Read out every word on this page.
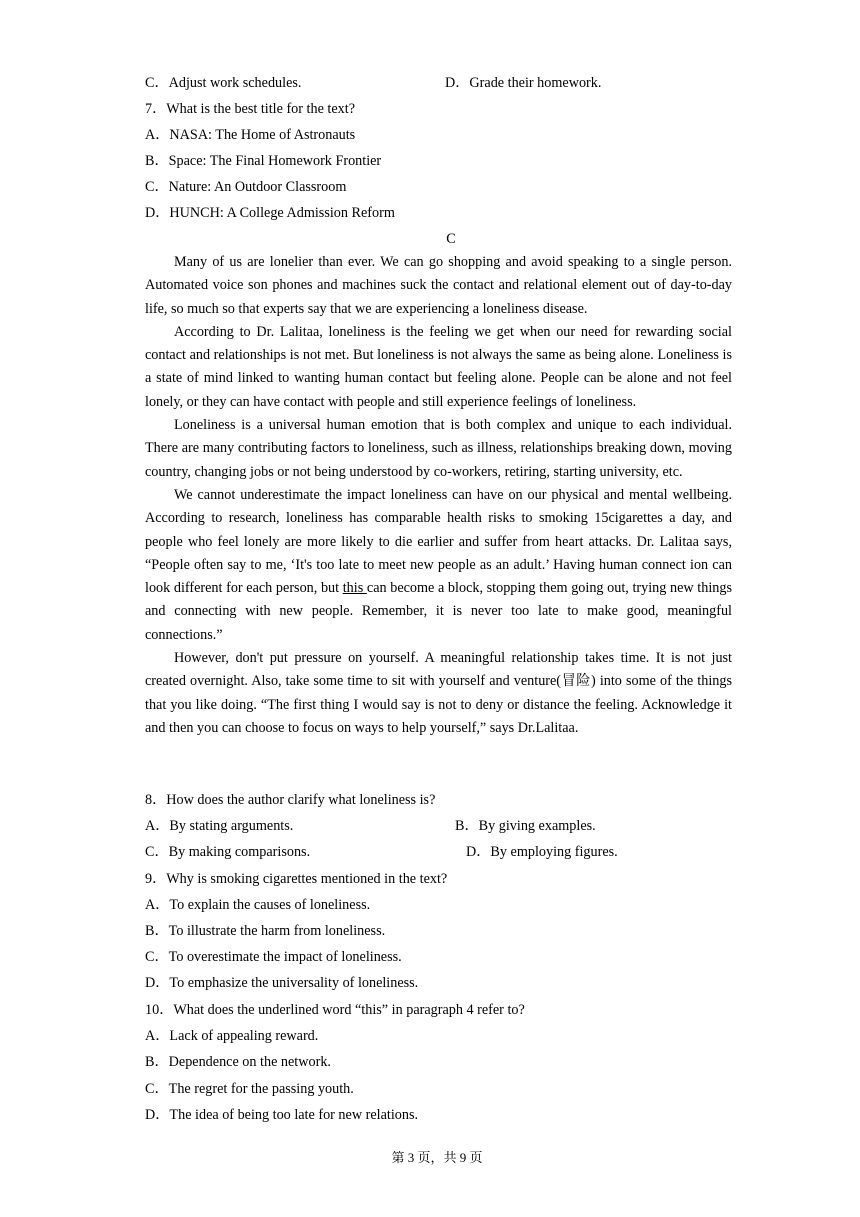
C．Adjust work schedules.	D．Grade their homework.
7．What is the best title for the text?
A．NASA: The Home of Astronauts
B．Space: The Final Homework Frontier
C．Nature: An Outdoor Classroom
D．HUNCH: A College Admission Reform
C

Many of us are lonelier than ever. We can go shopping and avoid speaking to a single person. Automated voice son phones and machines suck the contact and relational element out of day-to-day life, so much so that experts say that we are experiencing a loneliness disease.

According to Dr. Lalitaa, loneliness is the feeling we get when our need for rewarding social contact and relationships is not met. But loneliness is not always the same as being alone. Loneliness is a state of mind linked to wanting human contact but feeling alone. People can be alone and not feel lonely, or they can have contact with people and still experience feelings of loneliness.

Loneliness is a universal human emotion that is both complex and unique to each individual. There are many contributing factors to loneliness, such as illness, relationships breaking down, moving country, changing jobs or not being understood by co-workers, retiring, starting university, etc.

We cannot underestimate the impact loneliness can have on our physical and mental wellbeing. According to research, loneliness has comparable health risks to smoking 15cigarettes a day, and people who feel lonely are more likely to die earlier and suffer from heart attacks. Dr. Lalitaa says, “People often say to me, ‘It's too late to meet new people as an adult.’ Having human connect ion can look different for each person, but this can become a block, stopping them going out, trying new things and connecting with new people. Remember, it is never too late to make good, meaningful connections.”

However, don't put pressure on yourself. A meaningful relationship takes time. It is not just created overnight. Also, take some time to sit with yourself and venture(冒险) into some of the things that you like doing. “The first thing I would say is not to deny or distance the feeling. Acknowledge it and then you can choose to focus on ways to help yourself,” says Dr.Lalitaa.

8．How does the author clarify what loneliness is?
A．By stating arguments.	B．By giving examples.
C．By making comparisons.	D．By employing figures.
9．Why is smoking cigarettes mentioned in the text?
A．To explain the causes of loneliness.
B．To illustrate the harm from loneliness.
C．To overestimate the impact of loneliness.
D．To emphasize the universality of loneliness.
10．What does the underlined word “this” in paragraph 4 refer to?
A．Lack of appealing reward.
B．Dependence on the network.
C．The regret for the passing youth.
D．The idea of being too late for new relations.
第 3 页，共 9 页
